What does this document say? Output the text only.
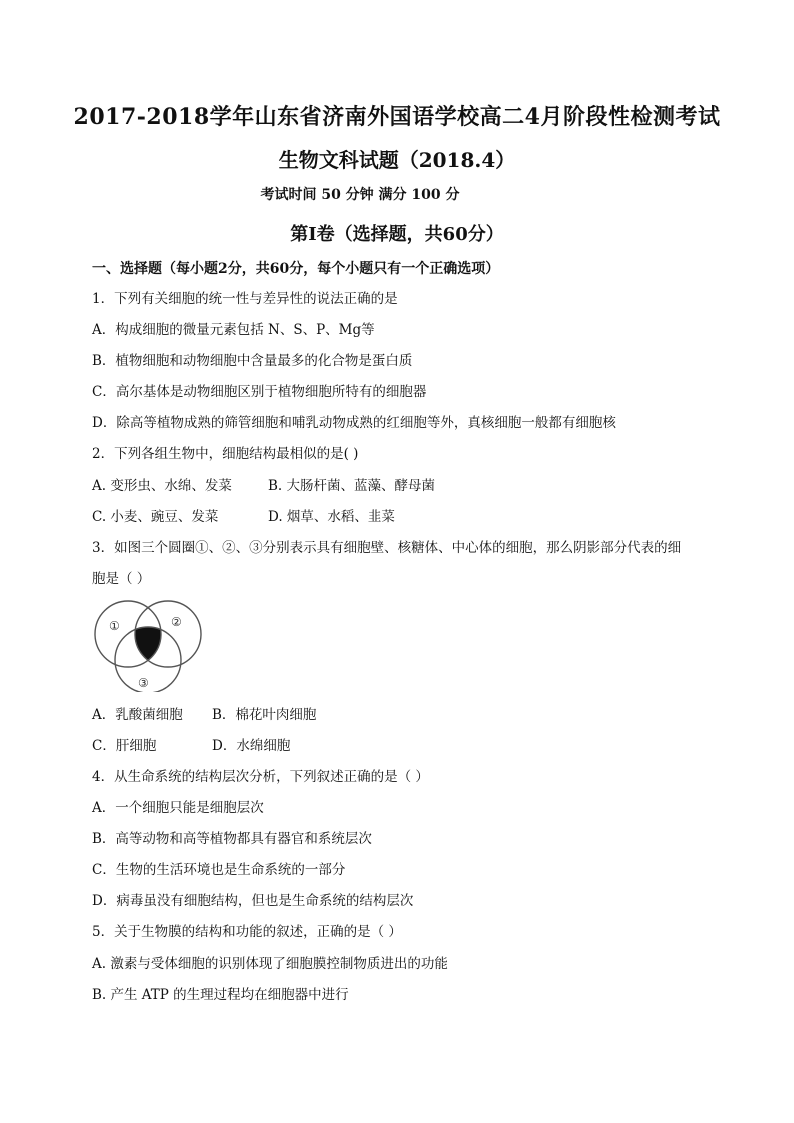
2017-2018学年山东省济南外国语学校高二4月阶段性检测考试
生物文科试题（2018.4）
考试时间 50 分钟 满分 100 分
第Ⅰ卷（选择题，共60分）
一、选择题（每小题2分，共60分，每个小题只有一个正确选项）
1．下列有关细胞的统一性与差异性的说法正确的是
A．构成细胞的微量元素包括 N、S、P、Mg等
B．植物细胞和动物细胞中含量最多的化合物是蛋白质
C．高尔基体是动物细胞区别于植物细胞所特有的细胞器
D．除高等植物成熟的筛管细胞和哺乳动物成熟的红细胞等外，真核细胞一般都有细胞核
2．下列各组生物中，细胞结构最相似的是( )
A. 变形虫、水绵、发菜	B. 大肠杆菌、蓝藻、酵母菌
C. 小麦、豌豆、发菜	D. 烟草、水稻、韭菜
3．如图三个圆圈①、②、③分别表示具有细胞壁、核糖体、中心体的细胞，那么阴影部分代表的细
胞是（ ）
①	②
③
A．乳酸菌细胞 B．棉花叶肉细胞
C．肝细胞	D．水绵细胞
4．从生命系统的结构层次分析，下列叙述正确的是（ ）
A．一个细胞只能是细胞层次
B．高等动物和高等植物都具有器官和系统层次
C．生物的生活环境也是生命系统的一部分
D．病毒虽没有细胞结构，但也是生命系统的结构层次
5．关于生物膜的结构和功能的叙述，正确的是（ ）
A. 激素与受体细胞的识别体现了细胞膜控制物质进出的功能
B. 产生 ATP 的生理过程均在细胞器中进行
